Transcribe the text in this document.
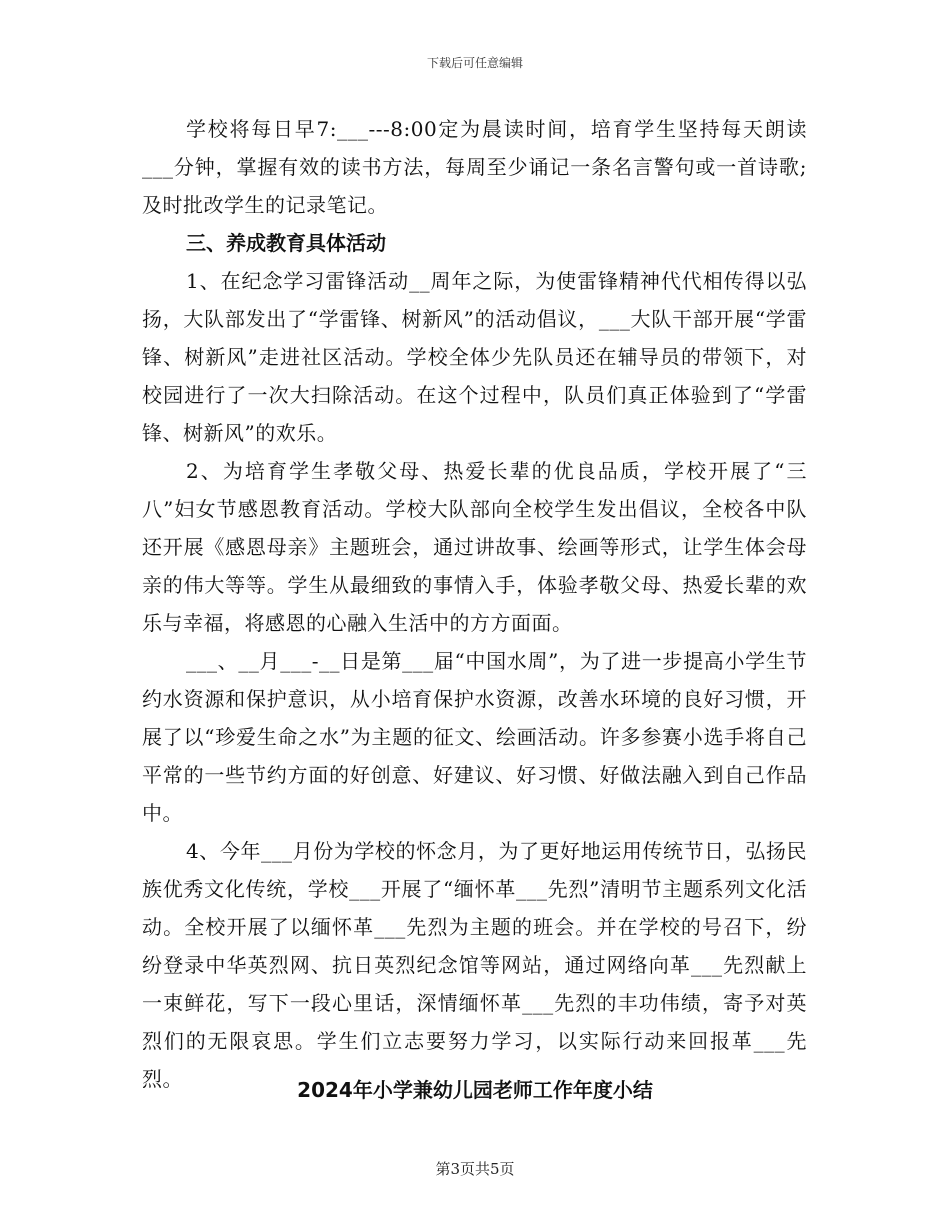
下载后可任意编辑

学校将每日早7:___---8:00定为晨读时间，培育学生坚持每天朗读___分钟，掌握有效的读书方法，每周至少诵记一条名言警句或一首诗歌;及时批改学生的记录笔记。

三、养成教育具体活动

1、在纪念学习雷锋活动__周年之际，为使雷锋精神代代相传得以弘扬，大队部发出了“学雷锋、树新风”的活动倡议，___大队干部开展“学雷锋、树新风”走进社区活动。学校全体少先队员还在辅导员的带领下，对校园进行了一次大扫除活动。在这个过程中，队员们真正体验到了“学雷锋、树新风”的欢乐。

2、为培育学生孝敬父母、热爱长辈的优良品质，学校开展了“三八”妇女节感恩教育活动。学校大队部向全校学生发出倡议，全校各中队还开展《感恩母亲》主题班会，通过讲故事、绘画等形式，让学生体会母亲的伟大等等。学生从最细致的事情入手，体验孝敬父母、热爱长辈的欢乐与幸福，将感恩的心融入生活中的方方面面。

___、__月___-__日是第___届“中国水周”，为了进一步提高小学生节约水资源和保护意识，从小培育保护水资源，改善水环境的良好习惯，开展了以“珍爱生命之水”为主题的征文、绘画活动。许多参赛小选手将自己平常的一些节约方面的好创意、好建议、好习惯、好做法融入到自己作品中。

4、今年___月份为学校的怀念月，为了更好地运用传统节日，弘扬民族优秀文化传统，学校___开展了“缅怀革___先烈”清明节主题系列文化活动。全校开展了以缅怀革___先烈为主题的班会。并在学校的号召下，纷纷登录中华英烈网、抗日英烈纪念馆等网站，通过网络向革___先烈献上一束鲜花，写下一段心里话，深情缅怀革___先烈的丰功伟绩，寄予对英烈们的无限哀思。学生们立志要努力学习，以实际行动来回报革___先烈。	2024年小学兼幼儿园老师工作年度小结
第3页共5页
